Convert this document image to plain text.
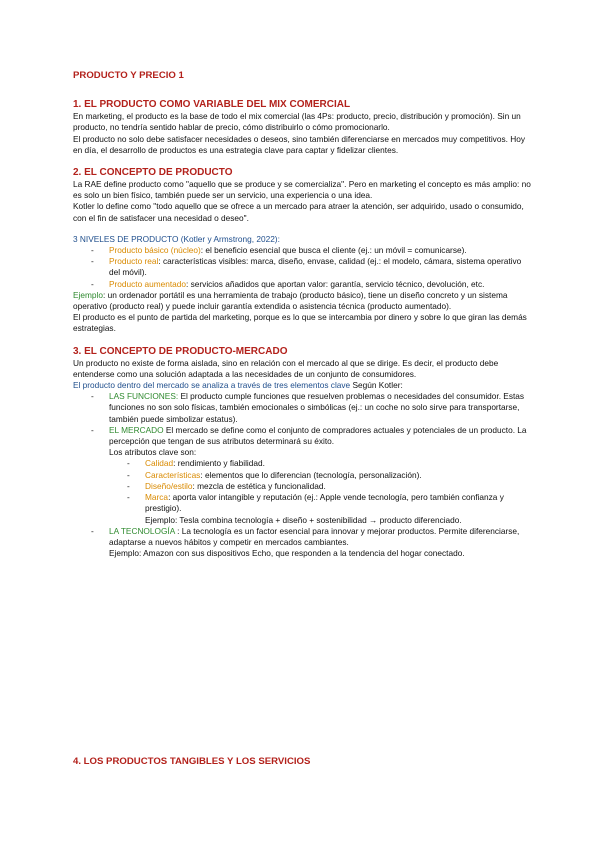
PRODUCTO Y PRECIO 1

1. EL PRODUCTO COMO VARIABLE DEL MIX COMERCIAL

En marketing, el producto es la base de todo el mix comercial (las 4Ps: producto, precio, distribución y promoción). Sin un producto, no tendría sentido hablar de precio, cómo distribuirlo o cómo promocionarlo.

El producto no solo debe satisfacer necesidades o deseos, sino también diferenciarse en mercados muy competitivos. Hoy en día, el desarrollo de productos es una estrategia clave para captar y fidelizar clientes.

2. EL CONCEPTO DE PRODUCTO

La RAE define producto como "aquello que se produce y se comercializa". Pero en marketing el concepto es más amplio: no es solo un bien físico, también puede ser un servicio, una experiencia o una idea.

Kotler lo define como "todo aquello que se ofrece a un mercado para atraer la atención, ser adquirido, usado o consumido, con el fin de satisfacer una necesidad o deseo".

3 NIVELES DE PRODUCTO (Kotler y Armstrong, 2022):

- Producto básico (núcleo): el beneficio esencial que busca el cliente (ej.: un móvil = comunicarse).
- Producto real: características visibles: marca, diseño, envase, calidad (ej.: el modelo, cámara, sistema operativo del móvil).
- Producto aumentado: servicios añadidos que aportan valor: garantía, servicio técnico, devolución, etc.

Ejemplo: un ordenador portátil es una herramienta de trabajo (producto básico), tiene un diseño concreto y un sistema operativo (producto real) y puede incluir garantía extendida o asistencia técnica (producto aumentado).

El producto es el punto de partida del marketing, porque es lo que se intercambia por dinero y sobre lo que giran las demás estrategias.

3. EL CONCEPTO DE PRODUCTO-MERCADO

Un producto no existe de forma aislada, sino en relación con el mercado al que se dirige. Es decir, el producto debe entenderse como una solución adaptada a las necesidades de un conjunto de consumidores.

El producto dentro del mercado se analiza a través de tres elementos clave Según Kotler:

- LAS FUNCIONES: El producto cumple funciones que resuelven problemas o necesidades del consumidor. Estas funciones no son solo físicas, también emocionales o simbólicas (ej.: un coche no solo sirve para transportarse, también puede simbolizar estatus).
- EL MERCADO El mercado se define como el conjunto de compradores actuales y potenciales de un producto. La percepción que tengan de sus atributos determinará su éxito.
Los atributos clave son:
- Calidad: rendimiento y fiabilidad.
- Características: elementos que lo diferencian (tecnología, personalización).
- Diseño/estilo: mezcla de estética y funcionalidad.
- Marca: aporta valor intangible y reputación (ej.: Apple vende tecnología, pero también confianza y prestigio).
Ejemplo: Tesla combina tecnología + diseño + sostenibilidad → producto diferenciado.
- LA TECNOLOGÍA : La tecnología es un factor esencial para innovar y mejorar productos. Permite diferenciarse, adaptarse a nuevos hábitos y competir en mercados cambiantes.
Ejemplo: Amazon con sus dispositivos Echo, que responden a la tendencia del hogar conectado.

4. LOS PRODUCTOS TANGIBLES Y LOS SERVICIOS
